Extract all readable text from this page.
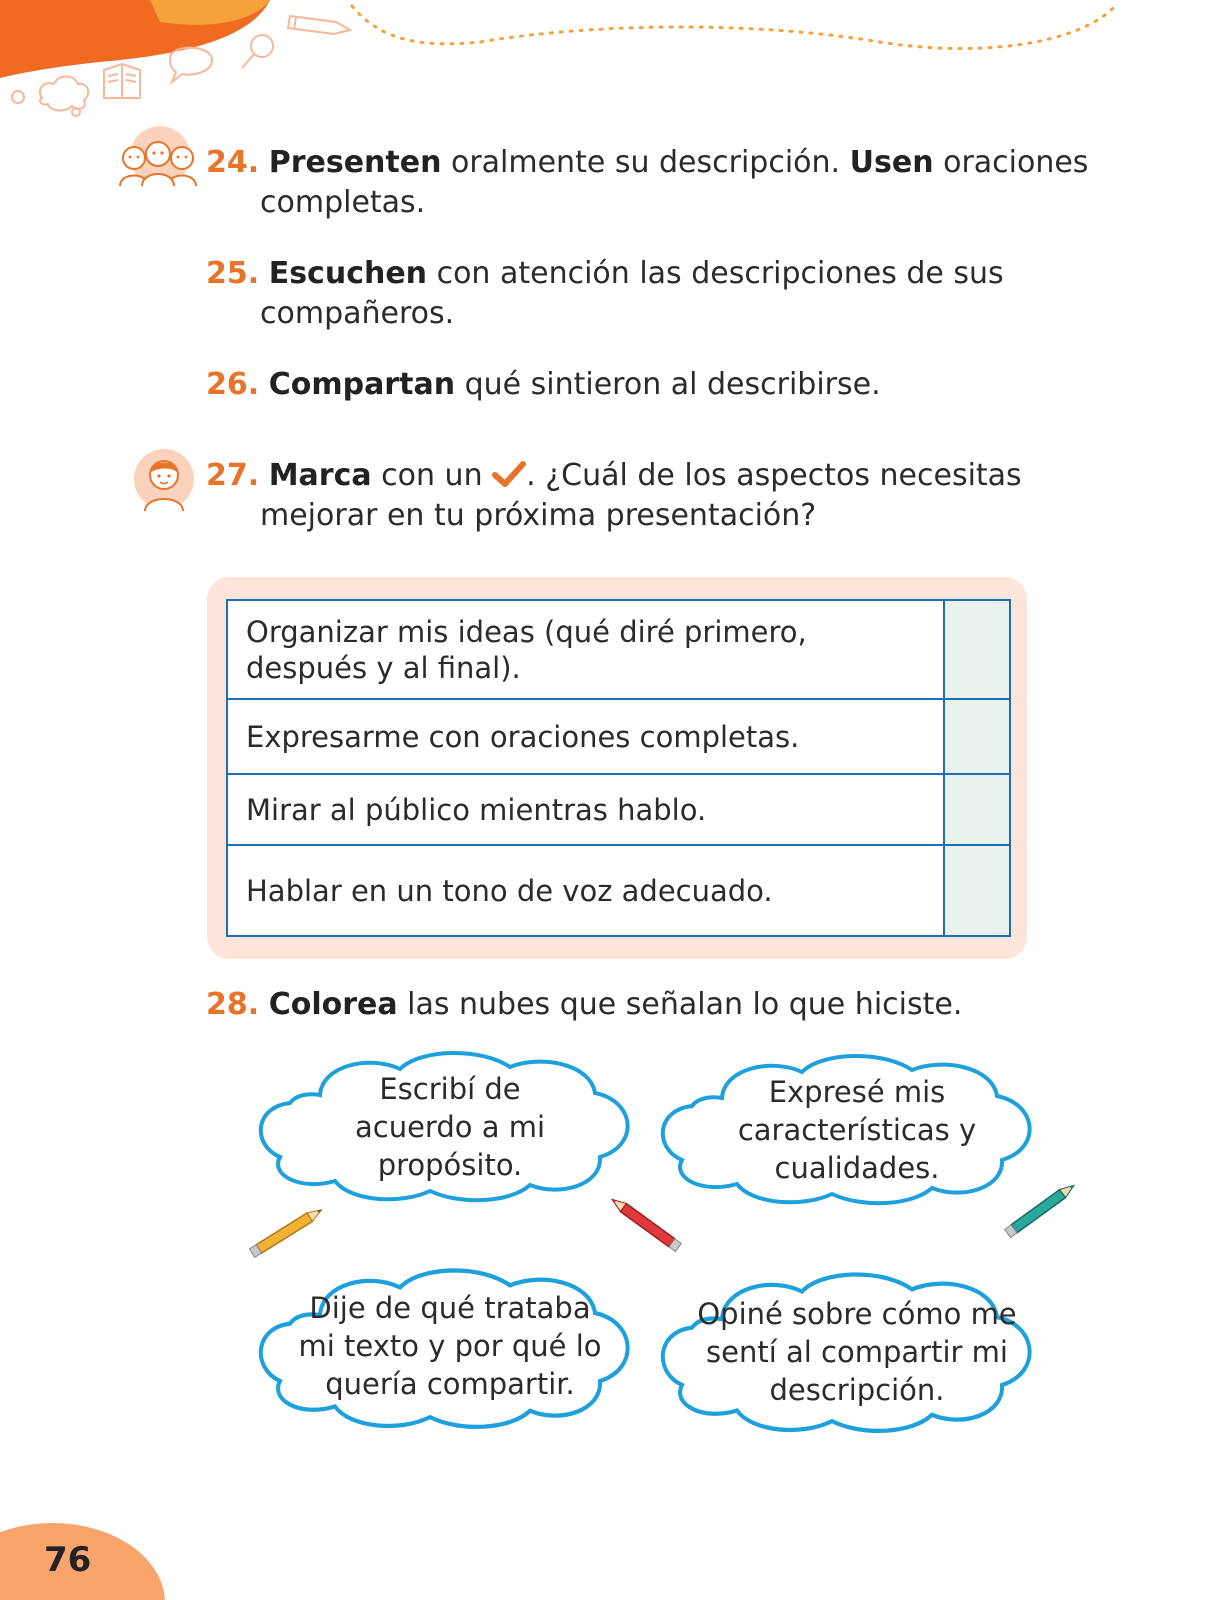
24. Presenten oralmente su descripción. Usen oraciones
completas.
25. Escuchen con atención las descripciones de sus
compañeros.
26. Compartan qué sintieron al describirse.
27. Marca con un . ¿Cuál de los aspectos necesitas
mejorar en tu próxima presentación?
Organizar mis ideas (qué diré primero,
después y al final).	
Expresarme con oraciones completas.	
Mirar al público mientras hablo.	
Hablar en un tono de voz adecuado.	
28. Colorea las nubes que señalan lo que hiciste.
Escribí de
acuerdo a mi
propósito.
Expresé mis
características y
cualidades.
Dije de qué trataba
mi texto y por qué lo
quería compartir.
Opiné sobre cómo me
sentí al compartir mi
descripción.
76
